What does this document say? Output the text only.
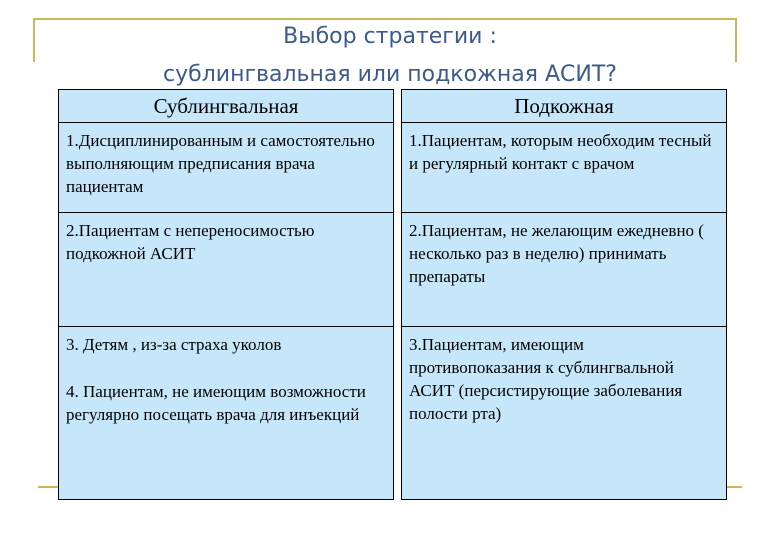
Выбор стратегии :
сублингвальная или подкожная АСИТ?
Сублингвальная		Подкожная

1.Дисциплинированным и самостоятельно выполняющим предписания врача пациентам		1.Пациентам, которым необходим тесный и регулярный контакт с врачом

2.Пациентам с непереносимостью подкожной АСИТ		2.Пациентам, не желающим ежедневно ( несколько раз в неделю) принимать препараты

3. Детям , из-за страха уколов
4. Пациентам, не имеющим возможности регулярно посещать врача для инъекций		3.Пациентам, имеющим противопоказания к сублингвальной АСИТ (персистирующие заболевания полости рта)
